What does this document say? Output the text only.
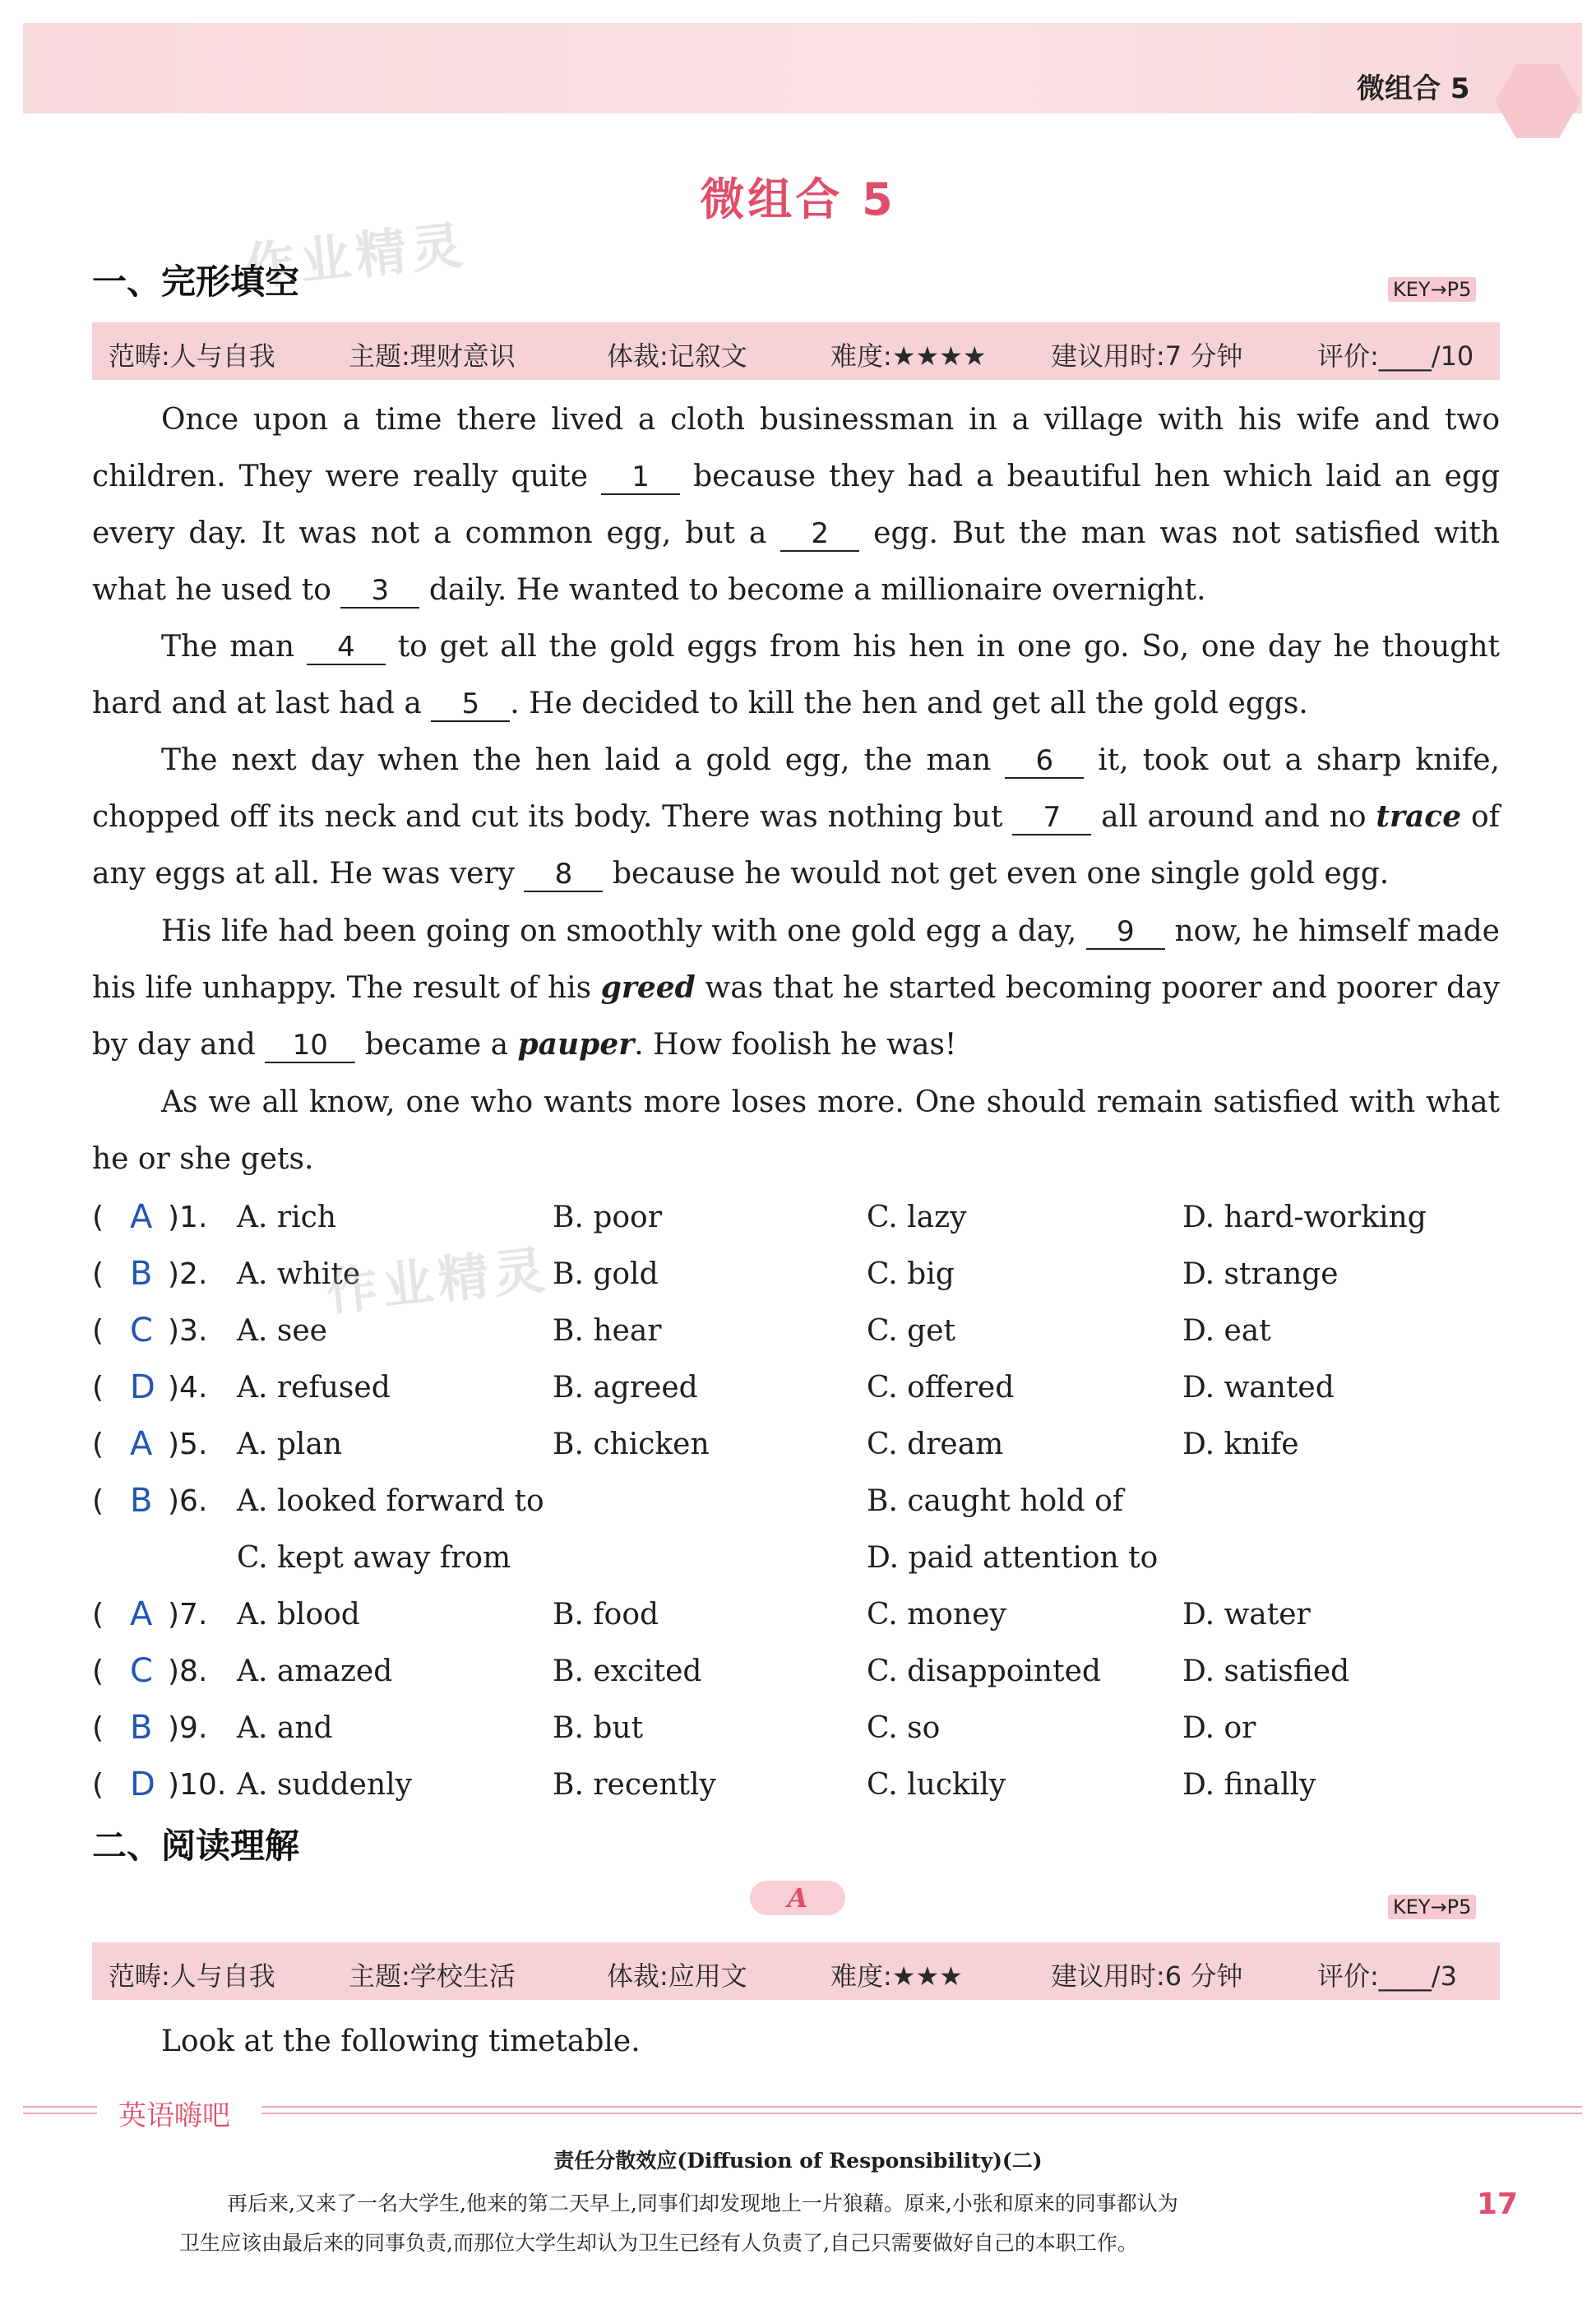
微组合 5
微组合 5
作业精灵
一、完形填空	KEY→P5
范畴:人与自我	主题:理财意识	体裁:记叙文	难度:★★★★ 建议用时:7 分钟	评价:____/10
Once upon a time there lived a cloth businessman in a village with his wife and two children. They were really quite 1 because they had a beautiful hen which laid an egg every day. It was not a common egg, but a 2 egg. But the man was not satisfied with what he used to 3 daily. He wanted to become a millionaire overnight.
The man 4 to get all the gold eggs from his hen in one go. So, one day he thought hard and at last had a 5 . He decided to kill the hen and get all the gold eggs.
The next day when the hen laid a gold egg, the man 6 it, took out a sharp knife, chopped off its neck and cut its body. There was nothing but 7 all around and no trace of any eggs at all. He was very 8 because he would not get even one single gold egg.
His life had been going on smoothly with one gold egg a day, 9 now, he himself made his life unhappy. The result of his greed was that he started becoming poorer and poorer day by day and 10 became a pauper. How foolish he was!
As we all know, one who wants more loses more. One should remain satisfied with what he or she gets.
( A )1. A. rich	B. poor	C. lazy	D. hard-working
( B )2. A. white	B. gold	C. big	D. strange
( C )3. A. see	B. hear	C. get	D. eat
( D )4. A. refused	B. agreed	C. offered	D. wanted
( A )5. A. plan	B. chicken	C. dream	D. knife
( B )6. A. looked forward to	B. caught hold of
C. kept away from	D. paid attention to
( A )7. A. blood	B. food	C. money	D. water
( C )8. A. amazed	B. excited	C. disappointed	D. satisfied
( B )9. A. and	B. but	C. so	D. or
( D )10. A. suddenly	B. recently	C. luckily	D. finally
作业精灵
二、阅读理解
A	KEY→P5
范畴:人与自我	主题:学校生活	体裁:应用文	难度:★★★	建议用时:6 分钟	评价:____/3
Look at the following timetable.
英语嗨吧
责任分散效应(Diffusion of Responsibility)(二)
再后来,又来了一名大学生,他来的第二天早上,同事们却发现地上一片狼藉。原来,小张和原来的同事都认为
卫生应该由最后来的同事负责,而那位大学生却认为卫生已经有人负责了,自己只需要做好自己的本职工作。
17
